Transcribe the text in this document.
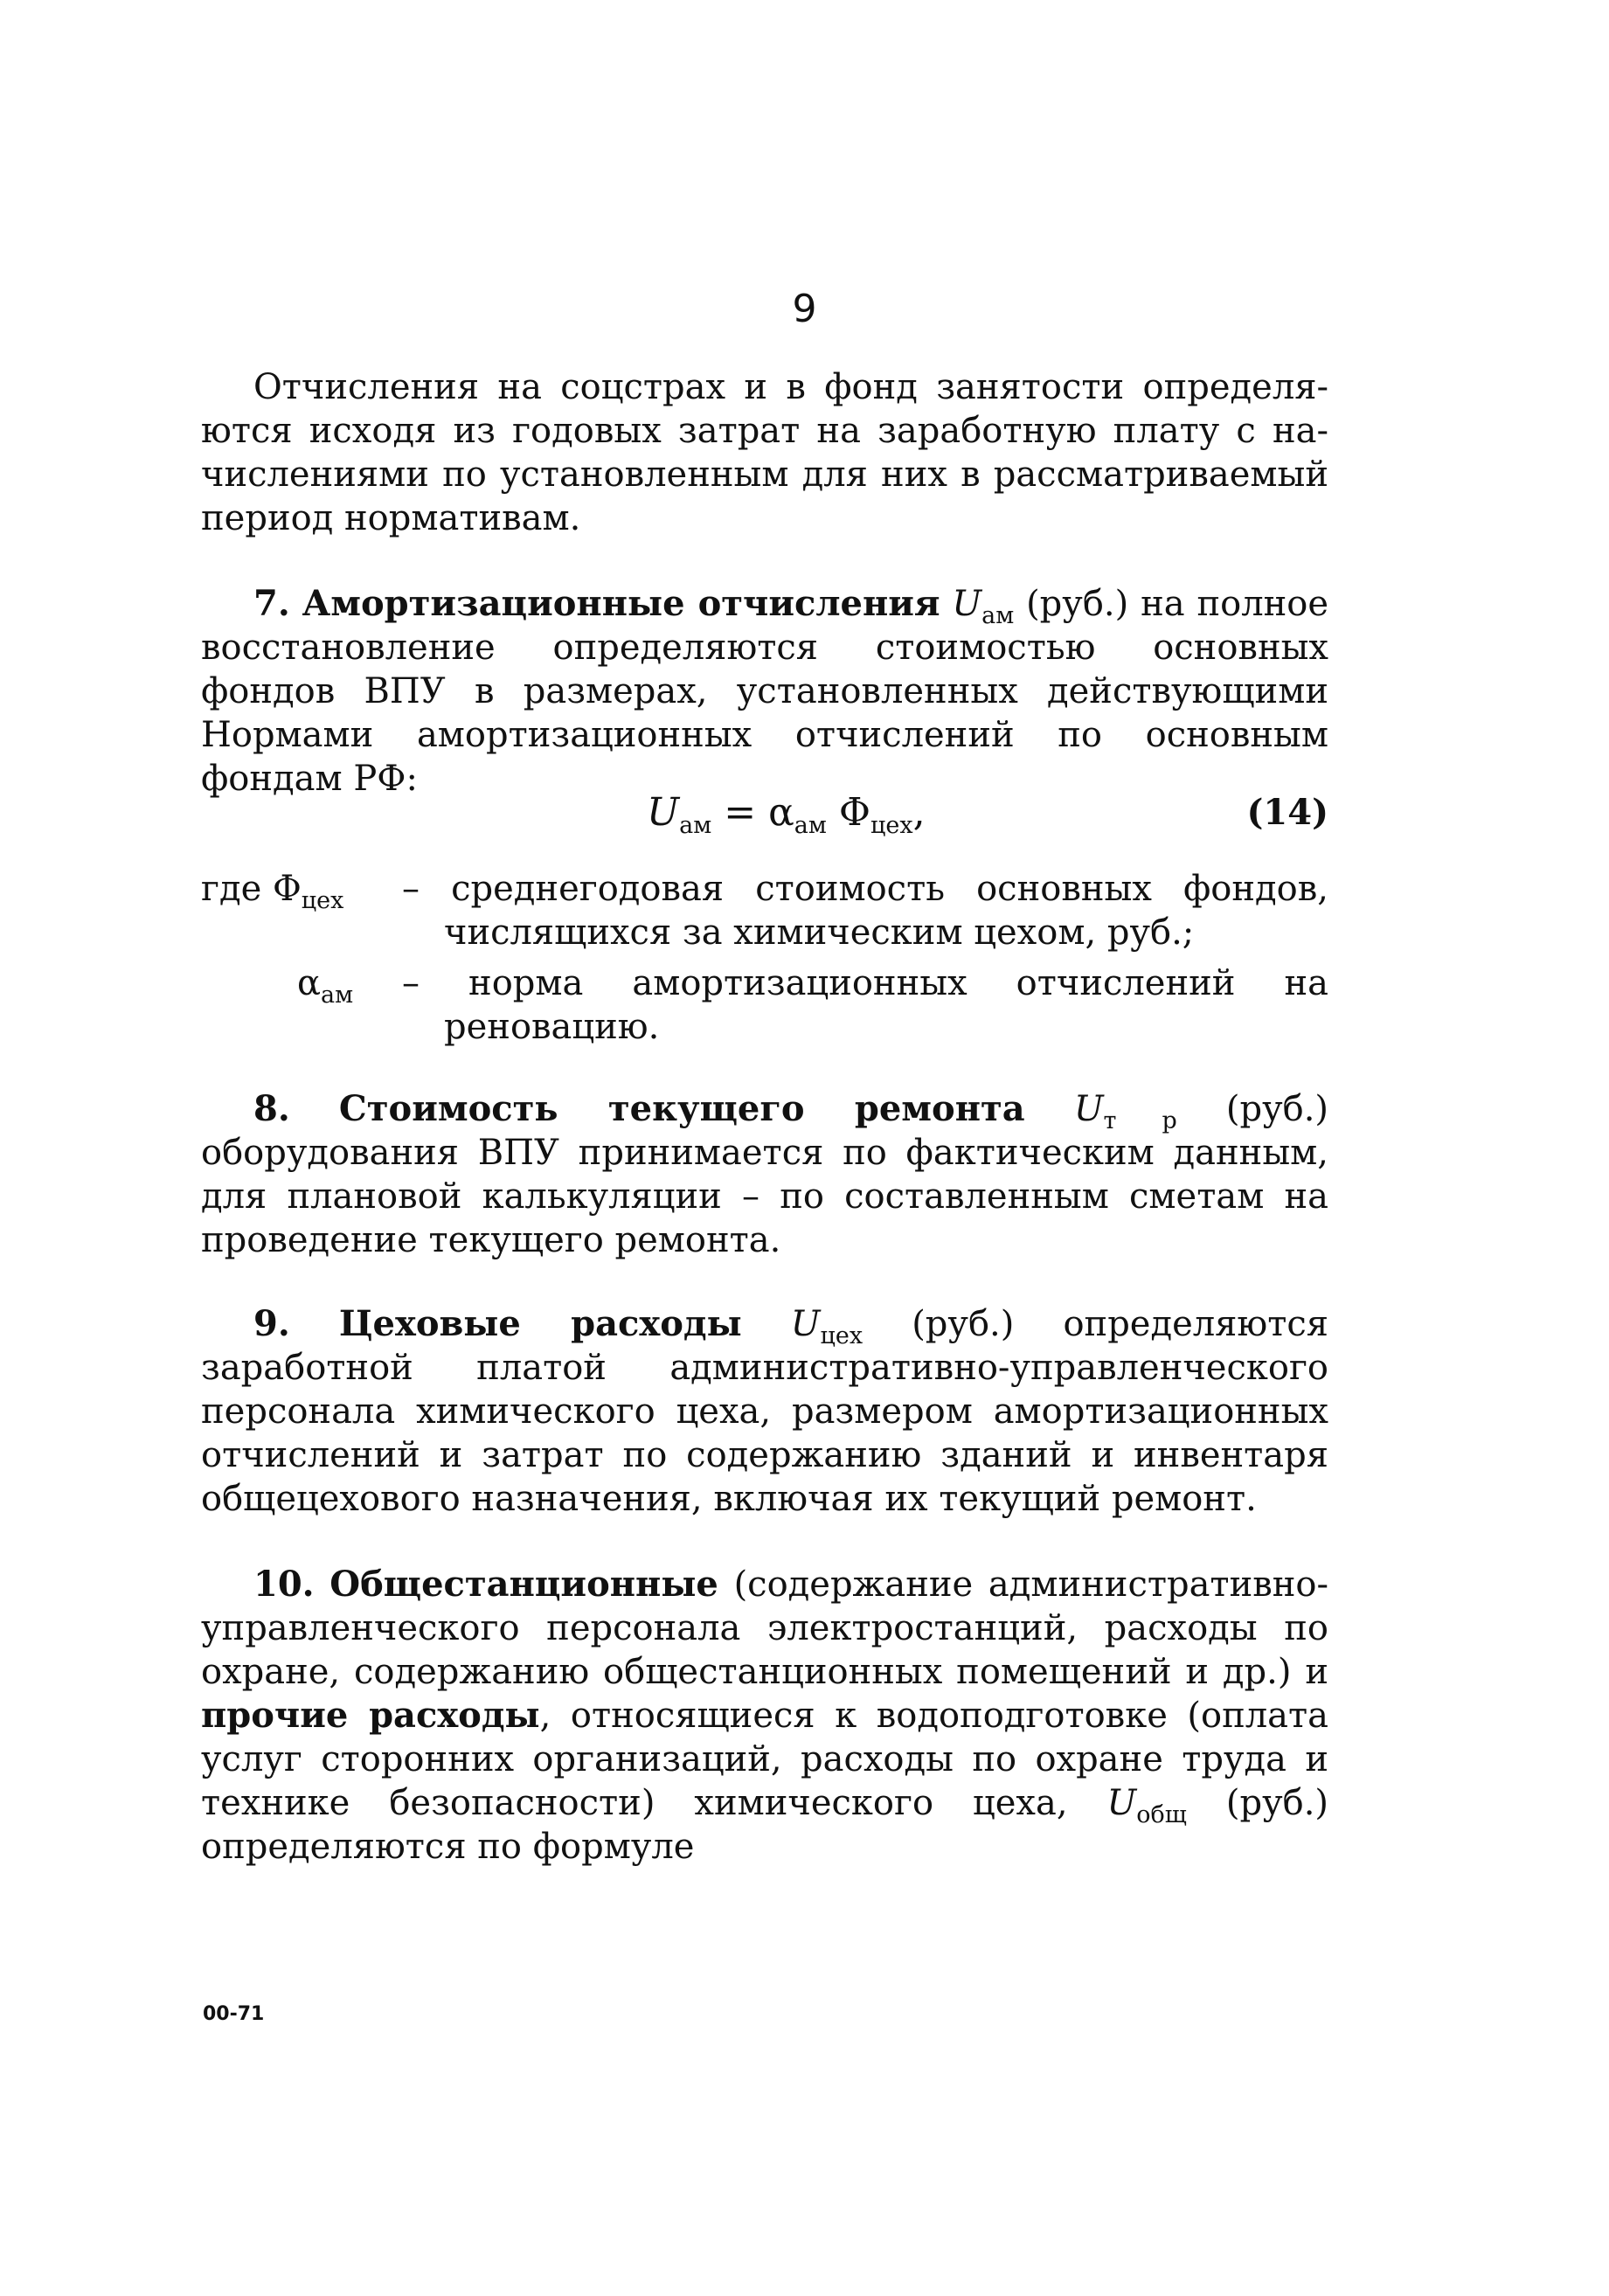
9

Отчисления на соцстрах и в фонд занятости определя- ются исходя из годовых затрат на заработную плату с на- числениями по установленным для них в рассматриваемый период нормативам.

7. Амортизационные отчисления $U_{ам}$ (руб.) на полное восстановление определяются стоимостью основных фондов ВПУ в размерах, установленных действующими Нормами амортизационных отчислений по основным фондам РФ:

$U_{ам} = \alpha_{ам}$ $\Phi_{цех}$,	(14)
где $\Phi_{цех}$ – среднегодовая стоимость основных фондов, числящихся за химическим цехом, руб.;

$\alpha_{ам}$ – норма амортизационных отчислений на реновацию.

8. Стоимость текущего ремонта $U_{т р}$ (руб.) оборудования ВПУ принимается по фактическим данным, для плановой калькуляции – по составленным сметам на проведение текущего ремонта.

9. Цеховые расходы $U_{цех}$ (руб.) определяются заработной платой административно-управленческого персонала химического цеха, размером амортизационных отчислений и затрат по содержанию зданий и инвентаря общецехового назначения, включая их текущий ремонт.

10. Общестанционные (содержание административно-управленческого персонала электростанций, расходы по охране, содержанию общестанционных помещений и др.) и прочие расходы, относящиеся к водоподготовке (оплата услуг сторонних организаций, расходы по охране труда и технике безопасности) химического цеха, $U_{общ}$ (руб.) определяются по формуле

00-71
